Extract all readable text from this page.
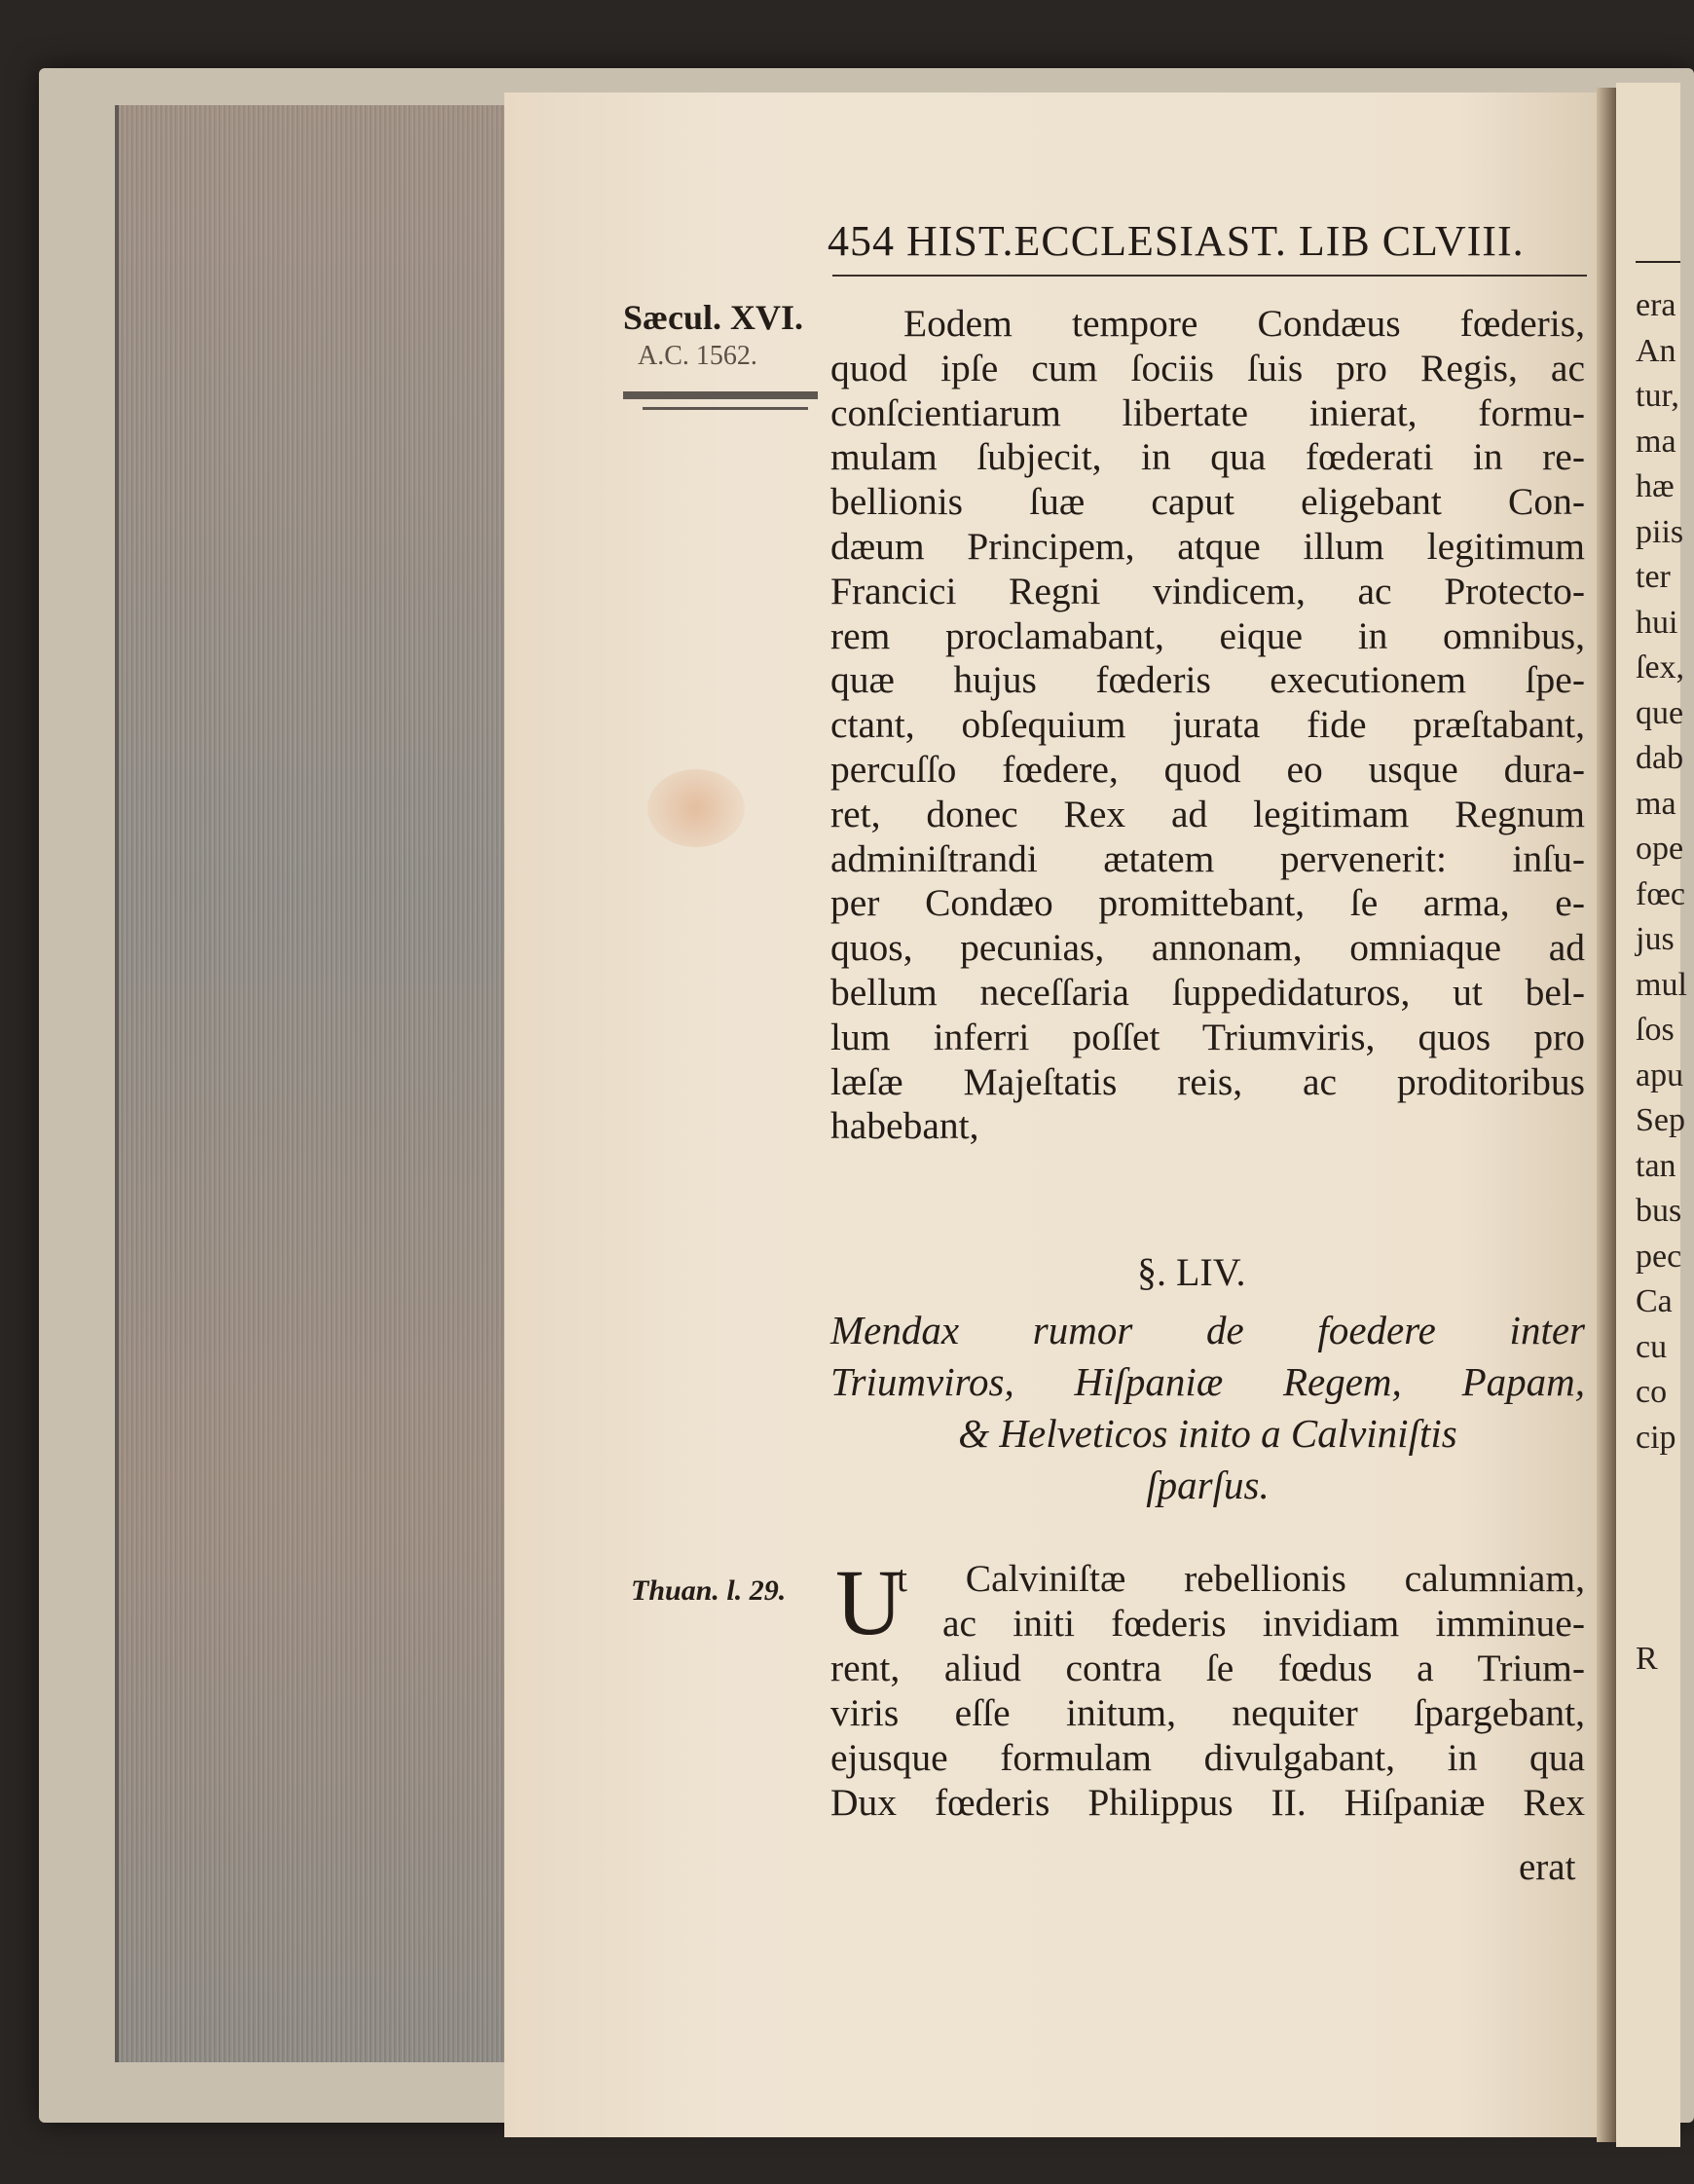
era
An
tur,
ma
hæ
piis
ter
hui
ſex,
que
dab
ma
ope
fœc
jus
mul
ſos
apu
Sep
tan
bus
pec
Ca
cu
co
cip
R
454 HIST.ECCLESIAST. LIB CLVIII.
Sæcul. XVI.
A.C. 1562.
Eodem tempore Condæus fœderis,
quod ipſe cum ſociis ſuis pro Regis, ac
conſcientiarum libertate inierat, formu-
mulam ſubjecit, in qua fœderati in re-
bellionis ſuæ caput eligebant Con-
dæum Principem, atque illum legitimum
Francici Regni vindicem, ac Protecto-
rem proclamabant, eique in omnibus,
quæ hujus fœderis executionem ſpe-
ctant, obſequium jurata fide præſtabant,
percuſſo fœdere, quod eo usque dura-
ret, donec Rex ad legitimam Regnum
adminiſtrandi ætatem pervenerit: inſu-
per Condæo promittebant, ſe arma, e-
quos, pecunias, annonam, omniaque ad
bellum neceſſaria ſuppedidaturos, ut bel-
lum inferri poſſet Triumviris, quos pro
læſæ Majeſtatis reis, ac proditoribus
habebant,
§. LIV.
Mendax rumor de foedere inter
Triumviros, Hiſpaniæ Regem, Papam,
& Helveticos inito a Calviniſtis
ſparſus.
Thuan. l. 29. U
t Calviniſtæ rebellionis calumniam,
ac initi fœderis invidiam imminue-
rent, aliud contra ſe fœdus a Trium-
viris eſſe initum, nequiter ſpargebant,
ejusque formulam divulgabant, in qua
Dux fœderis Philippus II. Hiſpaniæ Rex
erat
